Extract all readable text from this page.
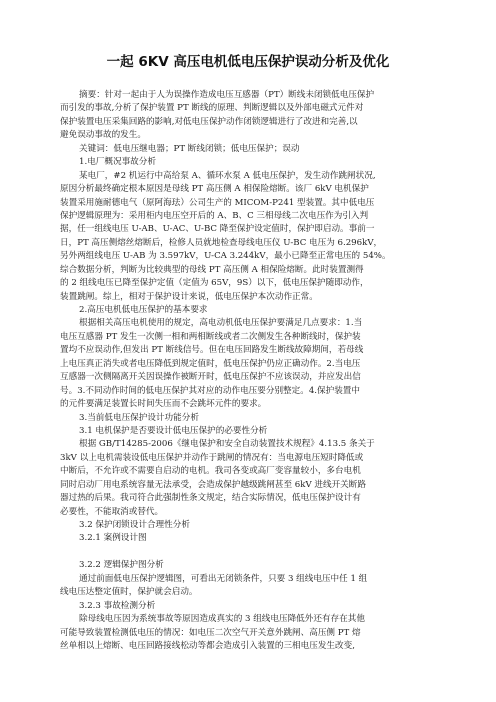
一起 6KV 高压电机低电压保护误动分析及优化
摘要：针对一起由于人为误操作造成电压互感器（PT）断线未闭锁低电压保护
而引发的事故,分析了保护装置 PT 断线的原理、判断逻辑以及外部电磁式元件对
保护装置电压采集回路的影响,对低电压保护动作闭锁逻辑进行了改进和完善,以
避免误动事故的发生。
关键词：低电压继电器；PT 断线闭锁；低电压保护；误动
1.电厂概况事故分析
某电厂，#2 机运行中高给泵 A、循环水泵 A 低电压保护，发生动作跳闸状况,
原因分析最终确定根本原因是母线 PT 高压侧 A 相保险熔断。该厂 6kV 电机保护
装置采用施耐德电气（原阿海珐）公司生产的 MICOM-P241 型装置。其中低电压
保护逻辑原理为：采用柜内电压空开后的 A、B、C 三相母线二次电压作为引入判
据，任一组线电压 U-AB、U-AC、U-BC 降至保护设定值时，保护即启动。事前一
日，PT 高压侧熔丝熔断后，检修人员就地检查母线电压仪 U-BC 电压为 6.296kV，
另外两组线电压 U-AB 为 3.597kV，U-CA 3.244kV，最小已降至正常电压的 54%。
综合数据分析，判断为比较典型的母线 PT 高压侧 A 相保险熔断。此时装置测得
的 2 组线电压已降至保护定值（定值为 65V，9S）以下，低电压保护随即动作，
装置跳闸。综上，相对于保护设计来说，低电压保护本次动作正常。
2.高压电机低电压保护的基本要求
根据相关高压电机使用的规定，高电动机低电压保护要满足几点要求：1.当
电压互感器 PT 发生一次侧一相和两相断线或者二次侧发生各种断线时，保护装
置均不应误动作,但发出 PT 断线信号。但在电压回路发生断线故障期间，若母线
上电压真正消失或者电压降低到规定值时，低电压保护仍应正确动作。2.当电压
互感器一次侧隔离开关因误操作被断开时，低电压保护不应该误动，并应发出信
号。3.不同动作时间的低电压保护其对应的动作电压要分别整定。4.保护装置中
的元件要满足装置长时间失压而不会跳坏元件的要求。
3.当前低电压保护设计功能分析
3.1 电机保护是否要设计低电压保护的必要性分析
根据 GB/T14285-2006《继电保护和安全自动装置技术规程》4.13.5 条关于
3kV 以上电机需装设低电压保护并动作于跳闸的情况有：当电源电压短时降低或
中断后，不允许或不需要自启动的电机。我司各变或高厂变容量较小，多台电机
同时启动厂用电系统容量无法承受，会造成保护越级跳闸甚至 6kV 进线开关断路
器过热的后果。我司符合此强制性条文规定，结合实际情况，低电压保护设计有
必要性，不能取消或替代。
3.2 保护闭锁设计合理性分析
3.2.1 案例设计图
3.2.2 逻辑保护图分析
通过前面低电压保护逻辑图，可看出无闭锁条件，只要 3 组线电压中任 1 组
线电压达整定值时，保护就会启动。
3.2.3 事故检测分析
除母线电压因为系统事故等原因造成真实的 3 组线电压降低外还有存在其他
可能导致装置检测低电压的情况：如电压二次空气开关意外跳闸、高压侧 PT 熔
丝单相以上熔断、电压回路接线松动等都会造成引入装置的三相电压发生改变,
